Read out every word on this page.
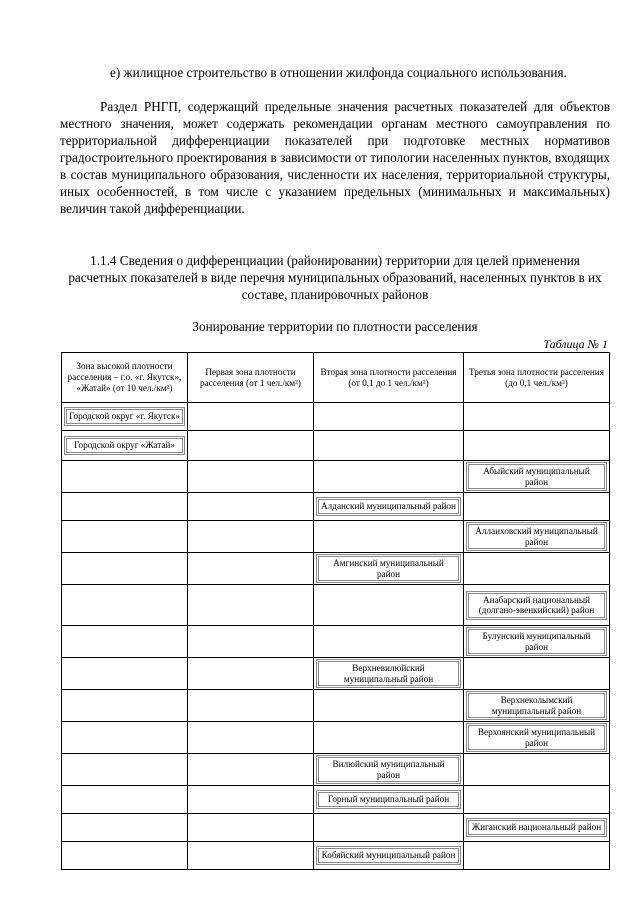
е) жилищное строительство в отношении жилфонда социального использования.
Раздел РНГП, содержащий предельные значения расчетных показателей для объектов местного значения, может содержать рекомендации органам местного самоуправления по территориальной дифференциации показателей при подготовке местных нормативов градостроительного проектирования в зависимости от типологии населенных пунктов, входящих в состав муниципального образования, численности их населения, территориальной структуры, иных особенностей, в том числе с указанием предельных (минимальных и максимальных) величин такой дифференциации.
1.1.4 Сведения о дифференциации (районировании) территории для целей применения расчетных показателей в виде перечня муниципальных образований, населенных пунктов в их составе, планировочных районов
Зонирование территории по плотности расселения
Таблица № 1
Зона высокой плотности расселения – г.о. «г. Якутск», «Жатай» (от 10 чел./км²)	Первая зона плотности расселения (от 1 чел./км²)	Вторая зона плотности расселения (от 0,1 до 1 чел./км²)	Третья зона плотности расселения (до 0,1 чел./км²)

Городской округ «г. Якутск»			

Городской округ «Жатай»			

			Абыйский муниципальный район

		Алданский муниципальный район	

			Аллаиховский муниципальный район

		Амгинский муниципальный район	

			Анабарский национальный (долгано-эвенкийский) район

			Булунский муниципальный район

		Верхневилюйский муниципальный район	

			Верхнеколымский муниципальный район

			Верхоянский муниципальный район

		Вилюйский муниципальный район	

		Горный муниципальный район	

			Жиганский национальный район

		Кобяйский муниципальный район	
